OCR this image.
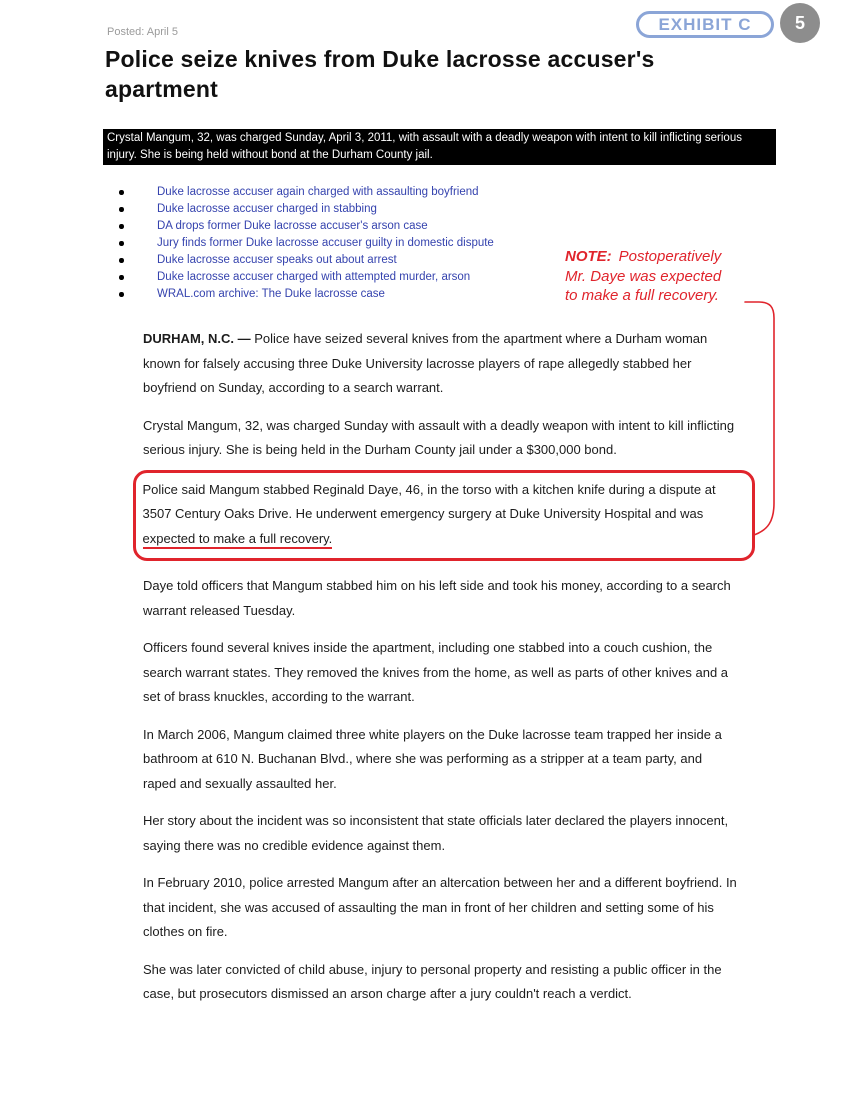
Posted: April 5	5
EXHIBIT C
Police seize knives from Duke lacrosse accuser's apartment
Crystal Mangum, 32, was charged Sunday, April 3, 2011, with assault with a deadly weapon with intent to kill inflicting serious injury. She is being held without bond at the Durham County jail.
Duke lacrosse accuser again charged with assaulting boyfriend
Duke lacrosse accuser charged in stabbing
DA drops former Duke lacrosse accuser's arson case
Jury finds former Duke lacrosse accuser guilty in domestic dispute
Duke lacrosse accuser speaks out about arrest
Duke lacrosse accuser charged with attempted murder, arson
WRAL.com archive: The Duke lacrosse case
NOTE: Postoperatively
Mr. Daye was expected
to make a full recovery.

DURHAM, N.C. — Police have seized several knives from the apartment where a Durham woman known for falsely accusing three Duke University lacrosse players of rape allegedly stabbed her boyfriend on Sunday, according to a search warrant.

Crystal Mangum, 32, was charged Sunday with assault with a deadly weapon with intent to kill inflicting serious injury. She is being held in the Durham County jail under a $300,000 bond.

Police said Mangum stabbed Reginald Daye, 46, in the torso with a kitchen knife during a dispute at 3507 Century Oaks Drive. He underwent emergency surgery at Duke University Hospital and was expected to make a full recovery.

Daye told officers that Mangum stabbed him on his left side and took his money, according to a search warrant released Tuesday.

Officers found several knives inside the apartment, including one stabbed into a couch cushion, the search warrant states. They removed the knives from the home, as well as parts of other knives and a set of brass knuckles, according to the warrant.

In March 2006, Mangum claimed three white players on the Duke lacrosse team trapped her inside a bathroom at 610 N. Buchanan Blvd., where she was performing as a stripper at a team party, and raped and sexually assaulted her.

Her story about the incident was so inconsistent that state officials later declared the players innocent, saying there was no credible evidence against them.

In February 2010, police arrested Mangum after an altercation between her and a different boyfriend. In that incident, she was accused of assaulting the man in front of her children and setting some of his clothes on fire.

She was later convicted of child abuse, injury to personal property and resisting a public officer in the case, but prosecutors dismissed an arson charge after a jury couldn't reach a verdict.
